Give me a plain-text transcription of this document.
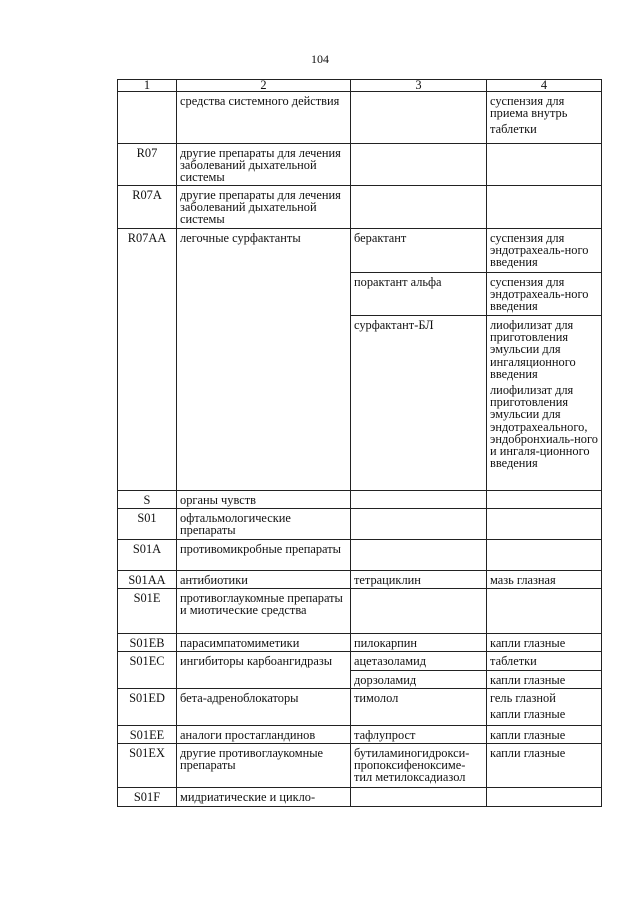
104
1	2	3	4
	средства системного действия		суспензия для приема внутрь
таблетки

R07	другие препараты для лечения заболеваний дыхательной системы		
R07A	другие препараты для лечения заболеваний дыхательной системы		
R07AA	легочные сурфактанты	берактант	суспензия для эндотрахеаль-ного введения

		порактант альфа	суспензия для эндотрахеаль-ного введения

		сурфактант-БЛ	лиофилизат для приготовления эмульсии для ингаляционного введения
лиофилизат для приготовления эмульсии для эндотрахеального, эндобронхиаль-ного и ингаля-ционного введения

S	органы чувств		
S01	офтальмологические препараты		
S01A	противомикробные препараты		
S01AA	антибиотики	тетрациклин	мазь глазная

S01E	противоглаукомные препараты и миотические средства		
S01EB	парасимпатомиметики	пилокарпин	капли глазные

S01EC	ингибиторы карбоангидразы	ацетазоламид	таблетки

		дорзоламид	капли глазные

S01ED	бета-адреноблокаторы	тимолол	гель глазной
капли глазные

S01EE	аналоги простагландинов	тафлупрост	капли глазные

S01EX	другие противоглаукомные препараты	бутиламиногидрокси-пропоксифеноксиме-тил метилоксадиазол	капли глазные

S01F	мидриатические и цикло-		
